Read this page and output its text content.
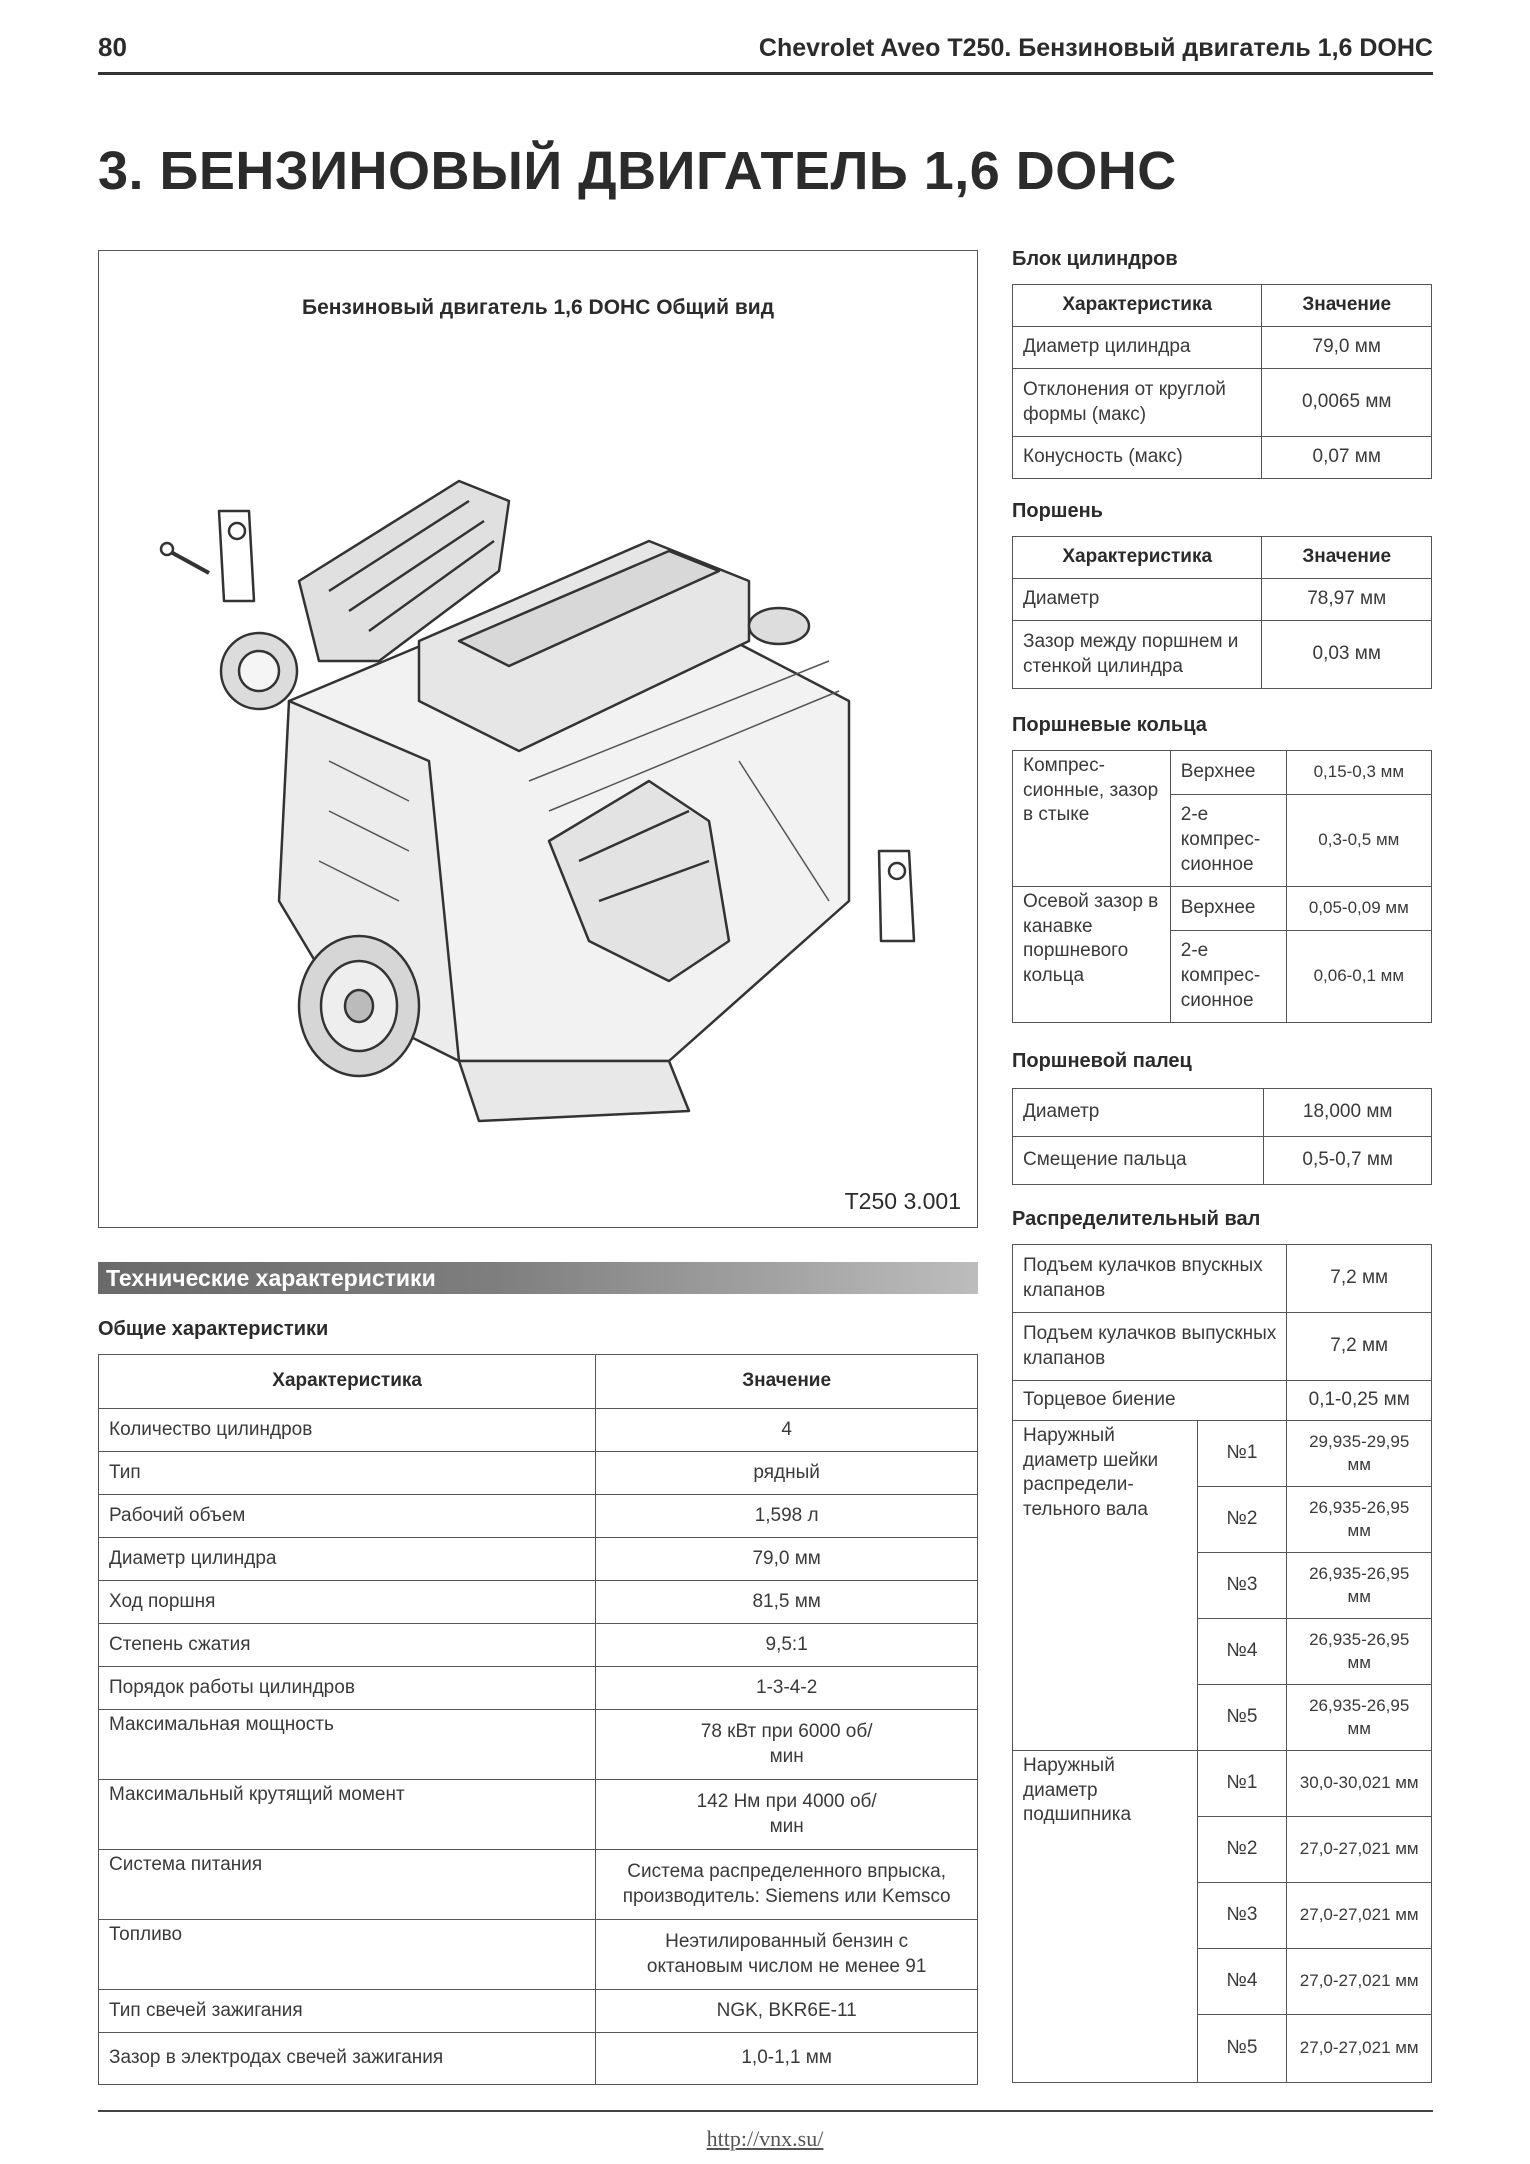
80	Chevrolet Aveo T250. Бензиновый двигатель 1,6 DOHC
3. БЕНЗИНОВЫЙ ДВИГАТЕЛЬ 1,6 DOHC
Бензиновый двигатель 1,6 DOHC Общий вид
T250 3.001
Технические характеристики
Общие характеристики
Характеристика	Значение
Количество цилиндров	4
Тип	рядный
Рабочий объем	1,598 л
Диаметр цилиндра	79,0 мм
Ход поршня	81,5 мм
Степень сжатия	9,5:1
Порядок работы цилиндров	1-3-4-2
Максимальная мощность	78 кВт при 6000 об/мин
Максимальный крутящий момент	142 Нм при 4000 об/мин
Система питания	Система распределенного впрыска, производитель: Siemens или Kemsco
Топливо	Неэтилированный бензин с октановым числом не менее 91
Тип свечей зажигания	NGK, BKR6E-11
Зазор в электродах свечей зажигания	1,0-1,1 мм
Блок цилиндров
Характеристика	Значение
Диаметр цилиндра	79,0 мм
Отклонения от круглой формы (макс)	0,0065 мм
Конусность (макс)	0,07 мм
Поршень
Характеристика	Значение
Диаметр	78,97 мм
Зазор между поршнем и стенкой цилиндра	0,03 мм
Поршневые кольца
Компрес-сионные, зазор в стыке	Верхнее	0,15-0,3 мм
	2-е компрес-сионное	0,3-0,5 мм
Осевой зазор в канавке поршневого кольца	Верхнее	0,05-0,09 мм
	2-е компрес-сионное	0,06-0,1 мм
Поршневой палец
Диаметр	18,000 мм
Смещение пальца	0,5-0,7 мм
Распределительный вал
Подъем кулачков впускных клапанов		7,2 мм
Подъем кулачков выпускных клапанов		7,2 мм
Торцевое биение		0,1-0,25 мм
Наружный диаметр шейки распредели-тельного вала	№1	29,935-29,95 мм
	№2	26,935-26,95 мм
	№3	26,935-26,95 мм
	№4	26,935-26,95 мм
	№5	26,935-26,95 мм
Наружный диаметр подшипника	№1	30,0-30,021 мм
	№2	27,0-27,021 мм
	№3	27,0-27,021 мм
	№4	27,0-27,021 мм
	№5	27,0-27,021 мм
http://vnx.su/
